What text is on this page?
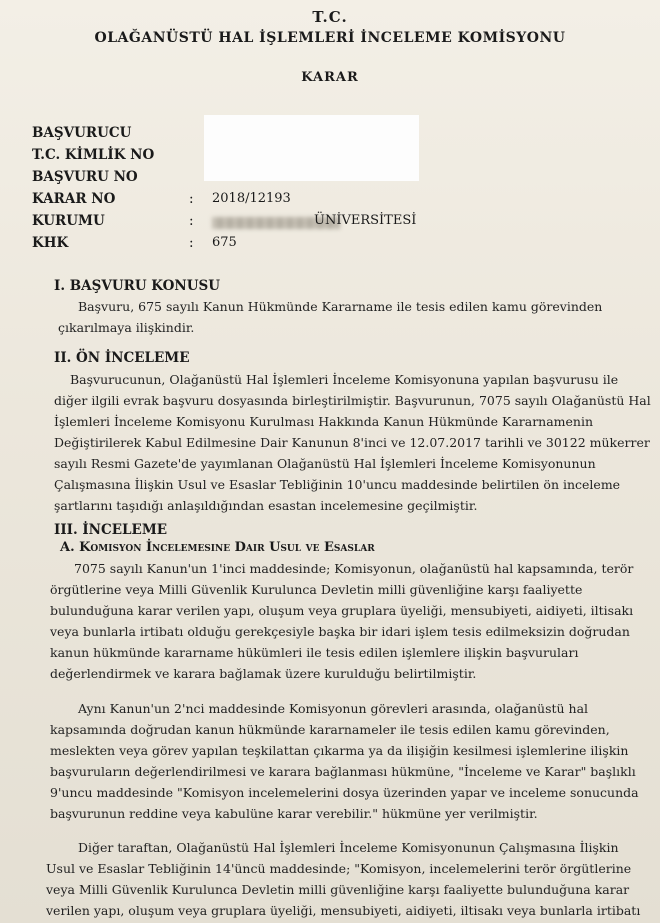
T.C.
OLAĞANÜSTÜ HAL İŞLEMLERİ İNCELEME KOMİSYONU
KARAR
BAŞVURUCU
T.C. KİMLİK NO
BAŞVURU NO
KARAR NO	: 2018/12193
KURUMU	:	ÜNİVERSİTESİ
KHK	: 675
I. BAŞVURU KONUSU
Başvuru, 675 sayılı Kanun Hükmünde Kararname ile tesis edilen kamu görevinden
çıkarılmaya ilişkindir.
II. ÖN İNCELEME
Başvurucunun, Olağanüstü Hal İşlemleri İnceleme Komisyonuna yapılan başvurusu ile
diğer ilgili evrak başvuru dosyasında birleştirilmiştir. Başvurunun, 7075 sayılı Olağanüstü Hal
İşlemleri İnceleme Komisyonu Kurulması Hakkında Kanun Hükmünde Kararnamenin
Değiştirilerek Kabul Edilmesine Dair Kanunun 8'inci ve 12.07.2017 tarihli ve 30122 mükerrer
sayılı Resmi Gazete'de yayımlanan Olağanüstü Hal İşlemleri İnceleme Komisyonunun
Çalışmasına İlişkin Usul ve Esaslar Tebliğinin 10'uncu maddesinde belirtilen ön inceleme
şartlarını taşıdığı anlaşıldığından esastan incelemesine geçilmiştir.
III. İNCELEME
A. Komisyon İncelemesine Dair Usul ve Esaslar
7075 sayılı Kanun'un 1'inci maddesinde; Komisyonun, olağanüstü hal kapsamında, terör
örgütlerine veya Milli Güvenlik Kurulunca Devletin milli güvenliğine karşı faaliyette
bulunduğuna karar verilen yapı, oluşum veya gruplara üyeliği, mensubiyeti, aidiyeti, iltisakı
veya bunlarla irtibatı olduğu gerekçesiyle başka bir idari işlem tesis edilmeksizin doğrudan
kanun hükmünde kararname hükümleri ile tesis edilen işlemlere ilişkin başvuruları
değerlendirmek ve karara bağlamak üzere kurulduğu belirtilmiştir.
Aynı Kanun'un 2'nci maddesinde Komisyonun görevleri arasında, olağanüstü hal
kapsamında doğrudan kanun hükmünde kararnameler ile tesis edilen kamu görevinden,
meslekten veya görev yapılan teşkilattan çıkarma ya da ilişiğin kesilmesi işlemlerine ilişkin
başvuruların değerlendirilmesi ve karara bağlanması hükmüne, "İnceleme ve Karar" başlıklı
9'uncu maddesinde "Komisyon incelemelerini dosya üzerinden yapar ve inceleme sonucunda
başvurunun reddine veya kabulüne karar verebilir." hükmüne yer verilmiştir.
Diğer taraftan, Olağanüstü Hal İşlemleri İnceleme Komisyonunun Çalışmasına İlişkin
Usul ve Esaslar Tebliğinin 14'üncü maddesinde; "Komisyon, incelemelerini terör örgütlerine
veya Milli Güvenlik Kurulunca Devletin milli güvenliğine karşı faaliyette bulunduğuna karar
verilen yapı, oluşum veya gruplara üyeliği, mensubiyeti, aidiyeti, iltisakı veya bunlarla irtibatı
